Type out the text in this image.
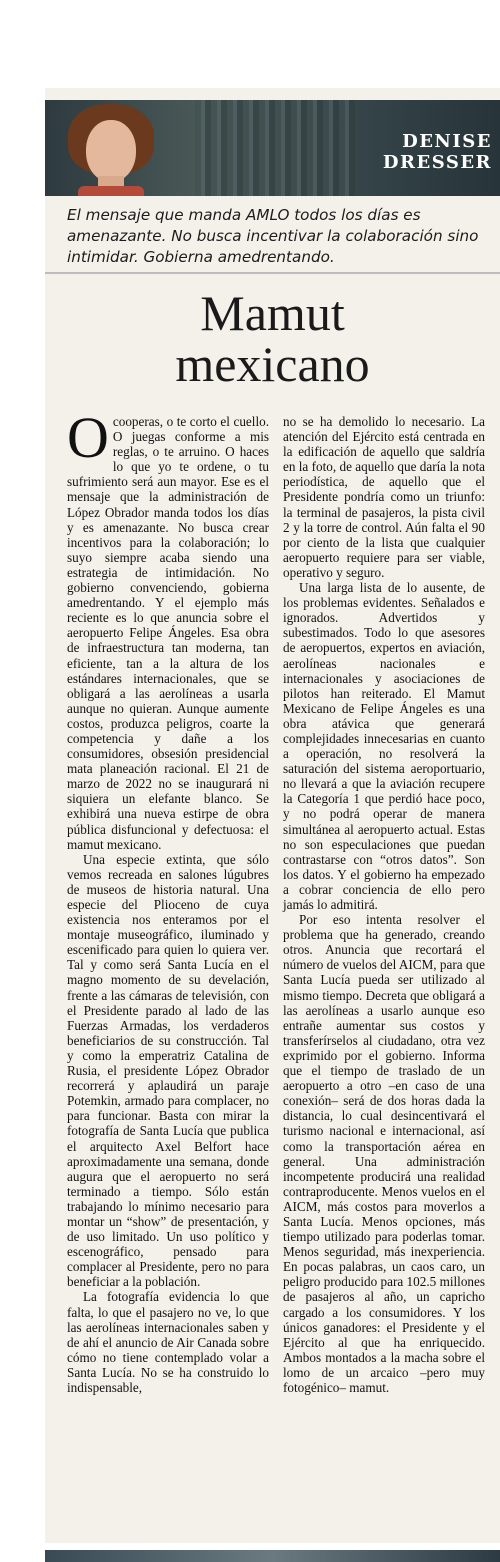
DENISE
DRESSER
El mensaje que manda AMLO todos los días es amenazante. No busca incentivar la colaboración sino intimidar. Gobierna amedrentando.
Mamut
mexicano

Ocooperas, o te corto el cuello. O juegas conforme a mis reglas, o te arruino. O haces lo que yo te ordene, o tu sufrimiento será aun mayor. Ese es el mensaje que la administración de López Obrador manda todos los días y es amenazante. No busca crear incentivos para la colaboración; lo suyo siempre acaba siendo una estrategia de intimidación. No gobierno convenciendo, gobierna amedrentando. Y el ejemplo más reciente es lo que anuncia sobre el aeropuerto Felipe Ángeles. Esa obra de infraestructura tan moderna, tan eficiente, tan a la altura de los estándares internacionales, que se obligará a las aerolíneas a usarla aunque no quieran. Aunque aumente costos, produzca peligros, coarte la competencia y dañe a los consumidores, obsesión presidencial mata planeación racional. El 21 de marzo de 2022 no se inaugurará ni siquiera un elefante blanco. Se exhibirá una nueva estirpe de obra pública disfuncional y defectuosa: el mamut mexicano.

Una especie extinta, que sólo vemos recreada en salones lúgubres de museos de historia natural. Una especie del Plioceno de cuya existencia nos enteramos por el montaje museográfico, iluminado y escenificado para quien lo quiera ver. Tal y como será Santa Lucía en el magno momento de su develación, frente a las cámaras de televisión, con el Presidente parado al lado de las Fuerzas Armadas, los verdaderos beneficiarios de su construcción. Tal y como la emperatriz Catalina de Rusia, el presidente López Obrador recorrerá y aplaudirá un paraje Potemkin, armado para complacer, no para funcionar. Basta con mirar la fotografía de Santa Lucía que publica el arquitecto Axel Belfort hace aproximadamente una semana, donde augura que el aeropuerto no será terminado a tiempo. Sólo están trabajando lo mínimo necesario para montar un “show” de presentación, y de uso limitado. Un uso político y escenográfico, pensado para complacer al Presidente, pero no para beneficiar a la población.

La fotografía evidencia lo que falta, lo que el pasajero no ve, lo que las aerolíneas internacionales saben y de ahí el anuncio de Air Canada sobre cómo no tiene contemplado volar a Santa Lucía. No se ha construido lo indispensable,

no se ha demolido lo necesario. La atención del Ejército está centrada en la edificación de aquello que saldría en la foto, de aquello que daría la nota periodística, de aquello que el Presidente pondría como un triunfo: la terminal de pasajeros, la pista civil 2 y la torre de control. Aún falta el 90 por ciento de la lista que cualquier aeropuerto requiere para ser viable, operativo y seguro.

Una larga lista de lo ausente, de los problemas evidentes. Señalados e ignorados. Advertidos y subestimados. Todo lo que asesores de aeropuertos, expertos en aviación, aerolíneas nacionales e internacionales y asociaciones de pilotos han reiterado. El Mamut Mexicano de Felipe Ángeles es una obra atávica que generará complejidades innecesarias en cuanto a operación, no resolverá la saturación del sistema aeroportuario, no llevará a que la aviación recupere la Categoría 1 que perdió hace poco, y no podrá operar de manera simultánea al aeropuerto actual. Estas no son especulaciones que puedan contrastarse con “otros datos”. Son los datos. Y el gobierno ha empezado a cobrar conciencia de ello pero jamás lo admitirá.

Por eso intenta resolver el problema que ha generado, creando otros. Anuncia que recortará el número de vuelos del AICM, para que Santa Lucía pueda ser utilizado al mismo tiempo. Decreta que obligará a las aerolíneas a usarlo aunque eso entrañe aumentar sus costos y transferírselos al ciudadano, otra vez exprimido por el gobierno. Informa que el tiempo de traslado de un aeropuerto a otro –en caso de una conexión– será de dos horas dada la distancia, lo cual desincentivará el turismo nacional e internacional, así como la transportación aérea en general. Una administración incompetente producirá una realidad contraproducente. Menos vuelos en el AICM, más costos para moverlos a Santa Lucía. Menos opciones, más tiempo utilizado para poderlas tomar. Menos seguridad, más inexperiencia. En pocas palabras, un caos caro, un peligro producido para 102.5 millones de pasajeros al año, un capricho cargado a los consumidores. Y los únicos ganadores: el Presidente y el Ejército al que ha enriquecido. Ambos montados a la macha sobre el lomo de un arcaico –pero muy fotogénico– mamut.
